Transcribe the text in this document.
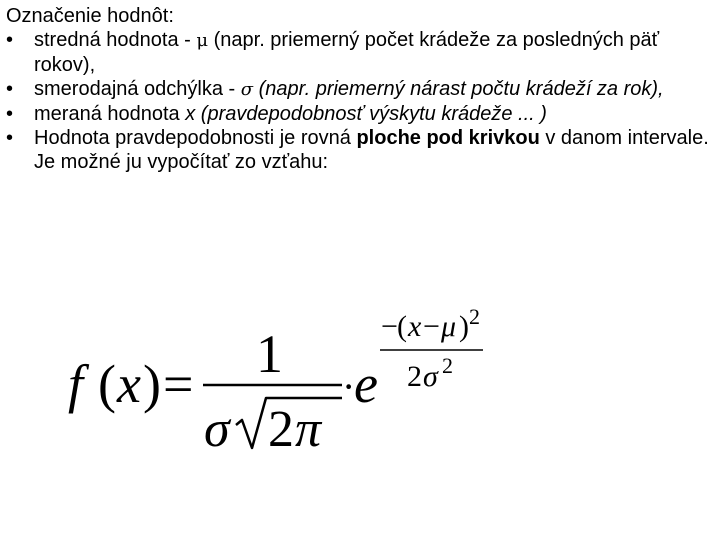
Označenie hodnôt:

•	stredná hodnota - μ (napr. priemerný počet krádeže za posledných päť rokov),
•	smerodajná odchýlka - σ (napr. priemerný nárast počtu krádeží za rok),
•	meraná hodnota x (pravdepodobnosť výskytu krádeže ... )
•	Hodnota pravdepodobnosti je rovná ploche pod krivkou v danom intervale. Je možné ju vypočítať zo vzťahu:
f ( x ) = 1
σ 2 π
·
e
− ( x − μ ) 2
2 σ 2
